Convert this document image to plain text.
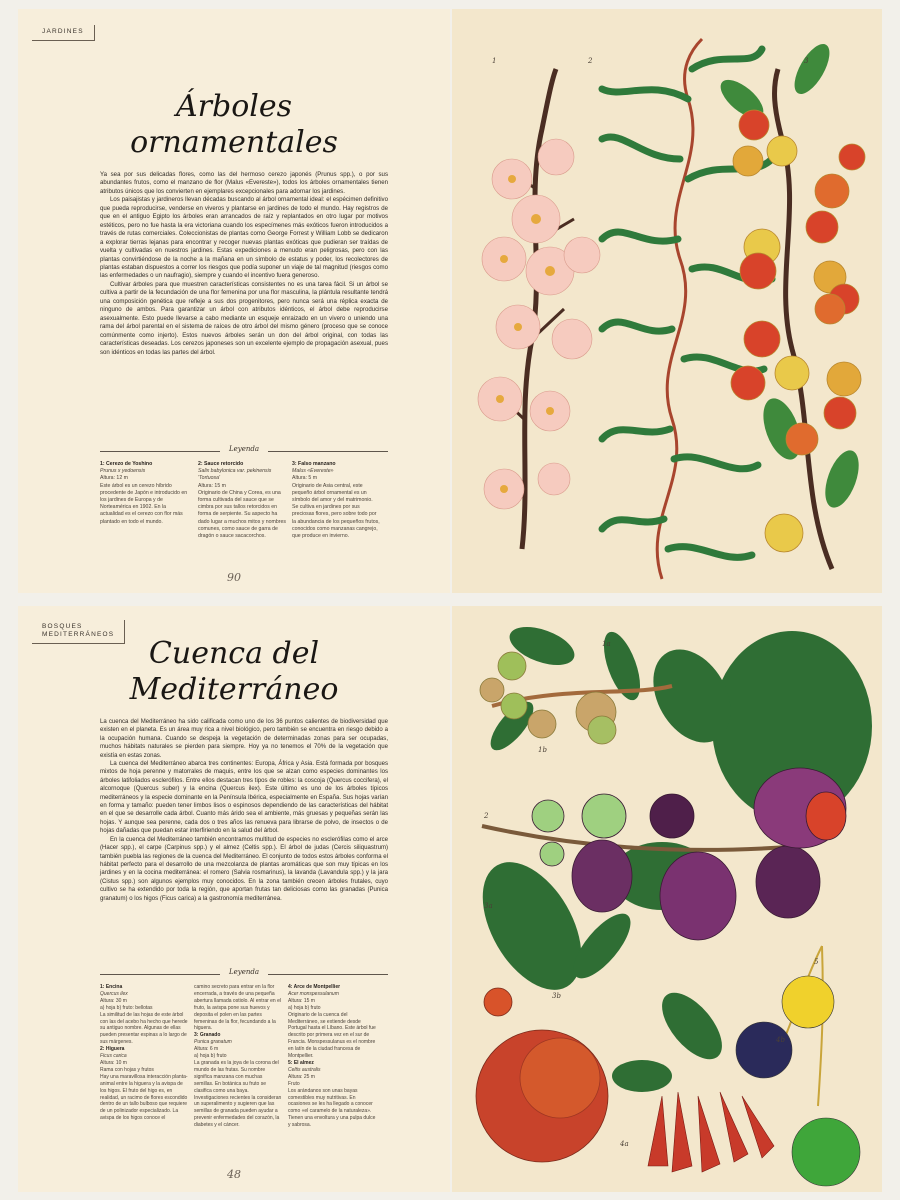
JARDINES
Árboles
ornamentales

Ya sea por sus delicadas flores, como las del hermoso cerezo japonés (Prunus spp.), o por sus abundantes frutos, como el manzano de flor (Malus «Evereste»), todos los árboles ornamentales tienen atributos únicos que los convierten en ejemplares excepcionales para adornar los jardines.

Los paisajistas y jardineros llevan décadas buscando al árbol ornamental ideal: el espécimen definitivo que pueda reproducirse, venderse en viveros y plantarse en jardines de todo el mundo. Hay registros de que en el antiguo Egipto los árboles eran arrancados de raíz y replantados en otro lugar por motivos estéticos, pero no fue hasta la era victoriana cuando los especímenes más exóticos fueron introducidos a través de rutas comerciales. Coleccionistas de plantas como George Forrest y William Lobb se dedicaron a explorar tierras lejanas para encontrar y recoger nuevas plantas exóticas que pudieran ser traídas de vuelta y cultivadas en nuestros jardines. Estas expediciones a menudo eran peligrosas, pero con las plantas convirtiéndose de la noche a la mañana en un símbolo de estatus y poder, los recolectores de plantas estaban dispuestos a correr los riesgos que podía suponer un viaje de tal magnitud (riesgos como las enfermedades o un naufragio), siempre y cuando el incentivo fuera generoso.

Cultivar árboles para que muestren características consistentes no es una tarea fácil. Si un árbol se cultiva a partir de la fecundación de una flor femenina por una flor masculina, la plántula resultante tendrá una composición genética que refleje a sus dos progenitores, pero nunca será una réplica exacta de ninguno de ambos. Para garantizar un árbol con atributos idénticos, el árbol debe reproducirse asexualmente. Esto puede llevarse a cabo mediante un esqueje enraizado en un vivero o uniendo una rama del árbol parental en el sistema de raíces de otro árbol del mismo género (proceso que se conoce comúnmente como injerto). Estos nuevos árboles serán un don del árbol original, con todas las características deseadas. Los cerezos japoneses son un excelente ejemplo de propagación asexual, pues son idénticos en todas las partes del árbol.

Leyenda
1: Cerezo de Yoshino
Prunus x yedoensis
Altura: 12 m
Este árbol es un cerezo híbrido procedente de Japón e introducido en los jardines de Europa y de Norteamérica en 1902. En la actualidad es el cerezo con flor más plantado en todo el mundo.
2: Sauce retorcido
Salix babylonica var. pekinensis 'Tortuosa'
Altura: 15 m
Originario de China y Corea, es una forma cultivada del sauce que se cimbra por sus tallos retorcidos en forma de serpiente. Su aspecto ha dado lugar a muchos mitos y nombres comunes, como sauce de garra de dragón o sauce sacacorchos.
3: Falso manzano
Malus «Evereste»
Altura: 5 m
Originario de Asia central, este pequeño árbol ornamental es un símbolo del amor y del matrimonio. Se cultiva en jardines por sus preciosas flores, pero sobre todo por la abundancia de los pequeños frutos, conocidos como manzanas cangrejo, que produce en invierno.
90
1	2	3
BOSQUES
MEDITERRÁNEOS
Cuenca del
Mediterráneo

La cuenca del Mediterráneo ha sido calificada como uno de los 36 puntos calientes de biodiversidad que existen en el planeta. Es un área muy rica a nivel biológico, pero también se encuentra en riesgo debido a la ocupación humana. Cuando se despeja la vegetación de determinadas zonas para ser ocupadas, muchos hábitats naturales se pierden para siempre. Hoy ya no tenemos el 70% de la vegetación que existía en estas zonas.

La cuenca del Mediterráneo abarca tres continentes: Europa, África y Asia. Está formada por bosques mixtos de hoja perenne y matorrales de maquis, entre los que se alzan como especies dominantes los árboles latifoliados esclerófilos. Entre ellos destacan tres tipos de robles: la coscoja (Quercus coccifera), el alcornoque (Quercus suber) y la encina (Quercus ilex). Este último es uno de los árboles típicos mediterráneos y la especie dominante en la Península Ibérica, especialmente en España. Sus hojas varían en forma y tamaño: pueden tener limbos lisos o espinosos dependiendo de las características del hábitat en el que se desarrolle cada árbol. Cuanto más árido sea el ambiente, más gruesas y pequeñas serán las hojas. Y aunque sea perenne, cada dos o tres años las renueva para librarse de polvo, de insectos o de hojas dañadas que puedan estar interfiriendo en la salud del árbol.

En la cuenca del Mediterráneo también encontramos multitud de especies no esclerófilas como el arce (Hacer spp.), el carpe (Carpinus spp.) y el almez (Celtis spp.). El árbol de judas (Cercis siliquastrum) también puebla las regiones de la cuenca del Mediterráneo. El conjunto de todos estos árboles conforma el hábitat perfecto para el desarrollo de una mezcolanza de plantas aromáticas que son muy típicas en los jardines y en la cocina mediterránea: el romero (Salvia rosmarinus), la lavanda (Lavandula spp.) y la jara (Cistus spp.) son algunos ejemplos muy conocidos. En la zona también crecen árboles frutales, cuyo cultivo se ha extendido por toda la región, que aportan frutas tan deliciosas como las granadas (Punica granatum) o los higos (Ficus carica) a la gastronomía mediterránea.

Leyenda
1: Encina
Quercus ilex
Altura: 30 m
a) hoja b) fruto: bellotas
La similitud de las hojas de este árbol con las del acebo ha hecho que herede su antiguo nombre. Algunas de ellas pueden presentar espinas a lo largo de sus márgenes.
2: Higuera
Ficus carica
Altura: 10 m
Rama con hojas y frutos
Hay una maravillosa interacción planta-animal entre la higuera y la avispa de los higos. El fruto del higo es, en realidad, un racimo de flores escondido dentro de un tallo bulboso que requiere de un polinizador especializado. La avispa de los higos conoce el
camino secreto para entrar en la flor encerrada, a través de una pequeña abertura llamada ostiolo. Al entrar en el fruto, la avispa pone sus huevos y deposita el polen en las partes femeninas de la flor, fecundando a la higuera.
3: Granado
Punica granatum
Altura: 6 m
a) hoja b) fruto
La granada es la joya de la corona del mundo de las frutas. Su nombre significa manzana con muchas semillas. En botánica su fruto se clasifica como una baya. Investigaciones recientes la consideran un superalimento y sugieren que las semillas de granada pueden ayudar a prevenir enfermedades del corazón, la diabetes y el cáncer.
4: Arce de Montpellier
Acer monspessulanum
Altura: 15 m
a) hoja b) fruto
Originario de la cuenca del Mediterráneo, se extiende desde Portugal hasta el Líbano. Este árbol fue descrito por primera vez en el sur de Francia. Monspessulanus es el nombre en latín de la ciudad francesa de Montpellier.
5: El almez
Celtis australis
Altura: 25 m
Fruto
Los arándanos son unas bayas comestibles muy nutritivas. En ocasiones se les ha llegado a conocer como «el caramelo de la naturaleza». Tienen una envoltura y una pulpa dulce y sabrosa.
48
1a
1b
2
3a
3b
4a
4b
5
